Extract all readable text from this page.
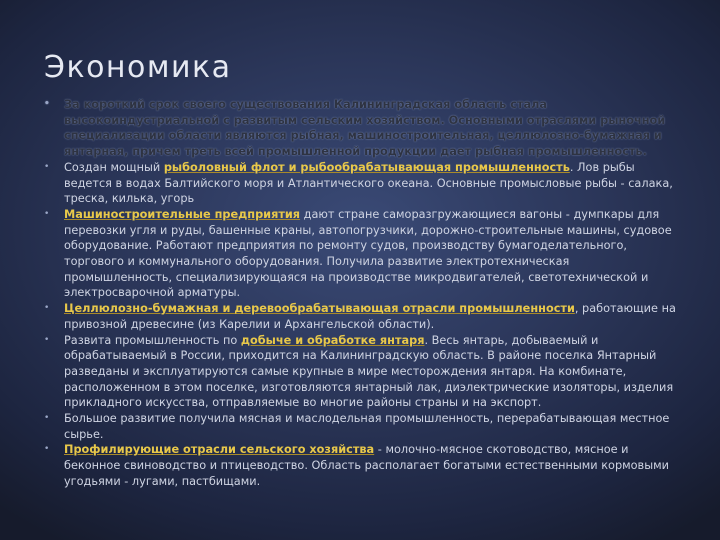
Экономика
• За короткий срок своего существования Калининградская область стала высокоиндустриальной с развитым сельским хозяйством. Основными отраслями рыночной специализации области являются рыбная, машиностроительная, целлюлозно-бумажная и янтарная, причем треть всей промышленной продукции дает рыбная промышленность.
• Создан мощный рыболовный флот и рыбообрабатывающая промышленность. Лов рыбы ведется в водах Балтийского моря и Атлантического океана. Основные промысловые рыбы - салака, треска, килька, угорь
• Машиностроительные предприятия дают стране саморазгружающиеся вагоны - думпкары для перевозки угля и руды, башенные краны, автопогрузчики, дорожно-строительные машины, судовое оборудование. Работают предприятия по ремонту судов, производству бумагоделательного, торгового и коммунального оборудования. Получила развитие электротехническая промышленность, специализирующаяся на производстве микродвигателей, светотехнической и электросварочной арматуры.
• Целлюлозно-бумажная и деревообрабатывающая отрасли промышленности, работающие на привозной древесине (из Карелии и Архангельской области).
• Развита промышленность по добыче и обработке янтаря. Весь янтарь, добываемый и обрабатываемый в России, приходится на Калининградскую область. В районе поселка Янтарный разведаны и эксплуатируются самые крупные в мире месторождения янтаря. На комбинате, расположенном в этом поселке, изготовляются янтарный лак, диэлектрические изоляторы, изделия прикладного искусства, отправляемые во многие районы страны и на экспорт.
• Большое развитие получила мясная и маслодельная промышленность, перерабатывающая местное сырье.
• Профилирующие отрасли сельского хозяйства - молочно-мясное скотоводство, мясное и беконное свиноводство и птицеводство. Область располагает богатыми естественными кормовыми угодьями - лугами, пастбищами.
